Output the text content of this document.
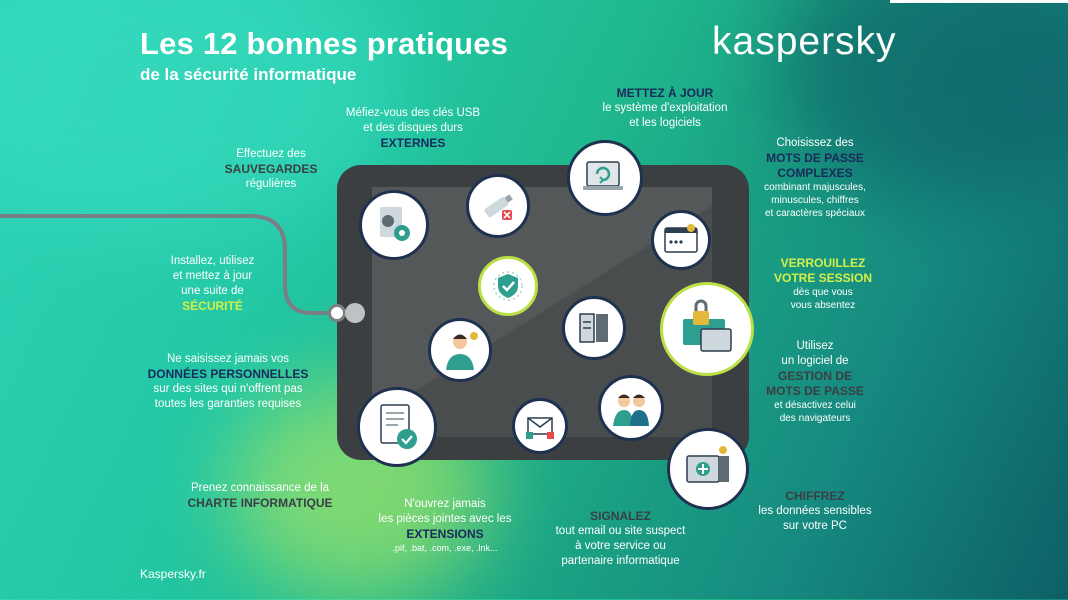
Les 12 bonnes pratiques
de la sécurité informatique
kaspersky
Méfiez-vous des clés USB
et des disques durs
EXTERNES
METTEZ À JOUR
le système d'exploitation
et les logiciels
Effectuez des
SAUVEGARDES
régulières
Choisissez des
MOTS DE PASSE
COMPLEXES
combinant majuscules,
minuscules, chiffres
et caractères spéciaux
Installez, utilisez
et mettez à jour
une suite de
SÉCURITÉ
VERROUILLEZ
VOTRE SESSION
dès que vous
vous absentez
Utilisez
un logiciel de
GESTION DE
MOTS DE PASSE
et désactivez celui
des navigateurs
Ne saisissez jamais vos
DONNÉES PERSONNELLES
sur des sites qui n'offrent pas
toutes les garanties requises
Prenez connaissance de la
CHARTE INFORMATIQUE	N'ouvrez jamais
les pièces jointes avec les
EXTENSIONS
.pif, .bat, .com, .exe, .lnk...
SIGNALEZ
tout email ou site suspect
à votre service ou
partenaire informatique
CHIFFREZ
les données sensibles
sur votre PC
Kaspersky.fr
